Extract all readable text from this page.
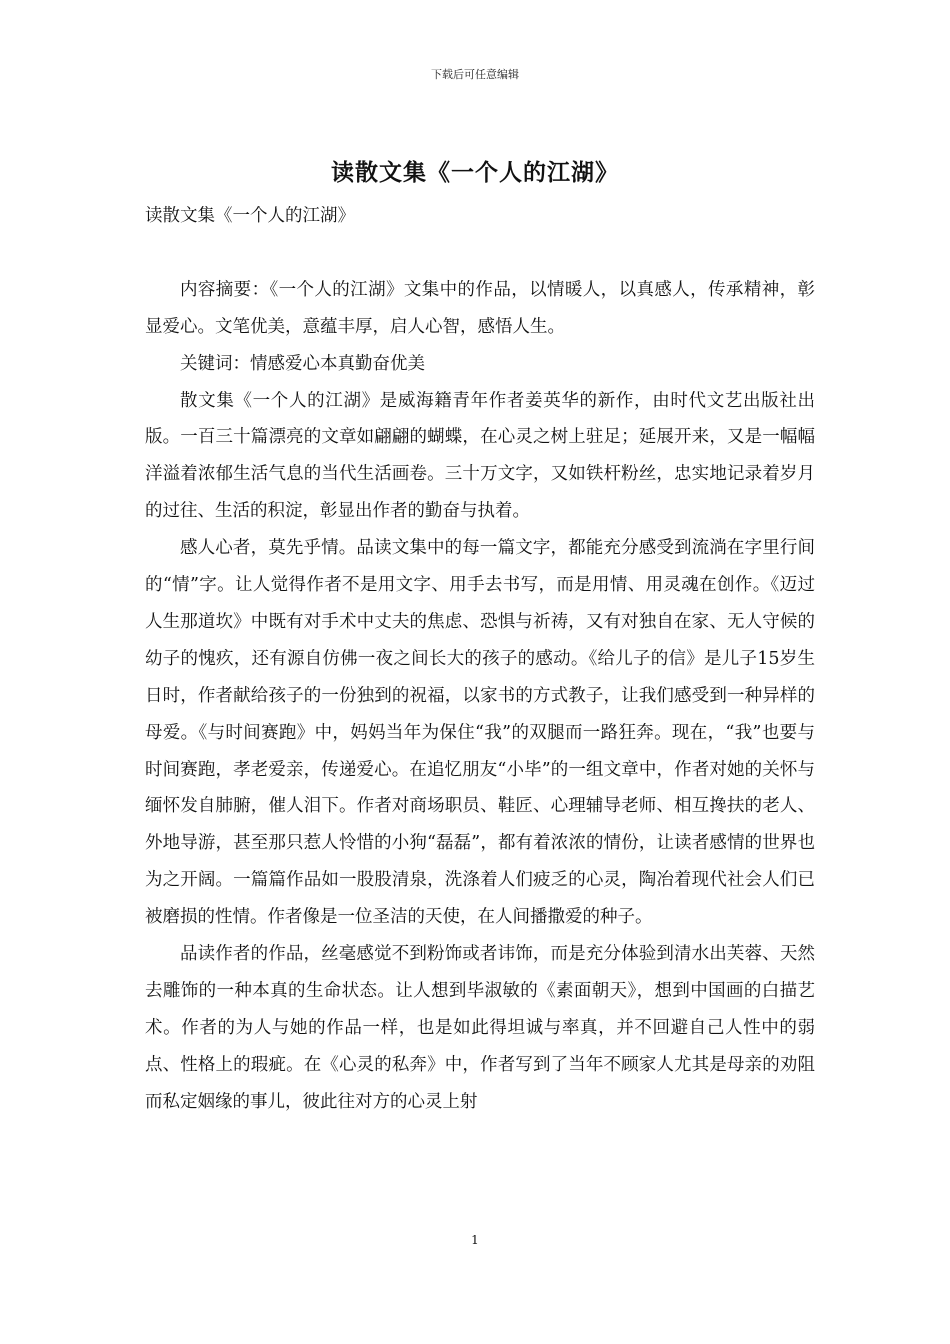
下载后可任意编辑
读散文集《一个人的江湖》

读散文集《一个人的江湖》

内容摘要：《一个人的江湖》文集中的作品，以情暖人，以真感人，传承精神，彰显爱心。文笔优美，意蕴丰厚，启人心智，感悟人生。

关键词：情感爱心本真勤奋优美

散文集《一个人的江湖》是威海籍青年作者姜英华的新作，由时代文艺出版社出版。一百三十篇漂亮的文章如翩翩的蝴蝶，在心灵之树上驻足；延展开来，又是一幅幅洋溢着浓郁生活气息的当代生活画卷。三十万文字，又如铁杆粉丝，忠实地记录着岁月的过往、生活的积淀，彰显出作者的勤奋与执着。

感人心者，莫先乎情。品读文集中的每一篇文字，都能充分感受到流淌在字里行间的“情”字。让人觉得作者不是用文字、用手去书写，而是用情、用灵魂在创作。《迈过人生那道坎》中既有对手术中丈夫的焦虑、恐惧与祈祷，又有对独自在家、无人守候的幼子的愧疚，还有源自仿佛一夜之间长大的孩子的感动。《给儿子的信》是儿子15岁生日时，作者献给孩子的一份独到的祝福，以家书的方式教子，让我们感受到一种异样的母爱。《与时间赛跑》中，妈妈当年为保住“我”的双腿而一路狂奔。现在，“我”也要与时间赛跑，孝老爱亲，传递爱心。在追忆朋友“小毕”的一组文章中，作者对她的关怀与缅怀发自肺腑，催人泪下。作者对商场职员、鞋匠、心理辅导老师、相互搀扶的老人、外地导游，甚至那只惹人怜惜的小狗“磊磊”，都有着浓浓的情份，让读者感情的世界也为之开阔。一篇篇作品如一股股清泉，洗涤着人们疲乏的心灵，陶冶着现代社会人们已被磨损的性情。作者像是一位圣洁的天使，在人间播撒爱的种子。

品读作者的作品，丝毫感觉不到粉饰或者讳饰，而是充分体验到清水出芙蓉、天然去雕饰的一种本真的生命状态。让人想到毕淑敏的《素面朝天》，想到中国画的白描艺术。作者的为人与她的作品一样，也是如此得坦诚与率真，并不回避自己人性中的弱点、性格上的瑕疵。在《心灵的私奔》中，作者写到了当年不顾家人尤其是母亲的劝阻而私定姻缘的事儿，彼此往对方的心灵上射

1
